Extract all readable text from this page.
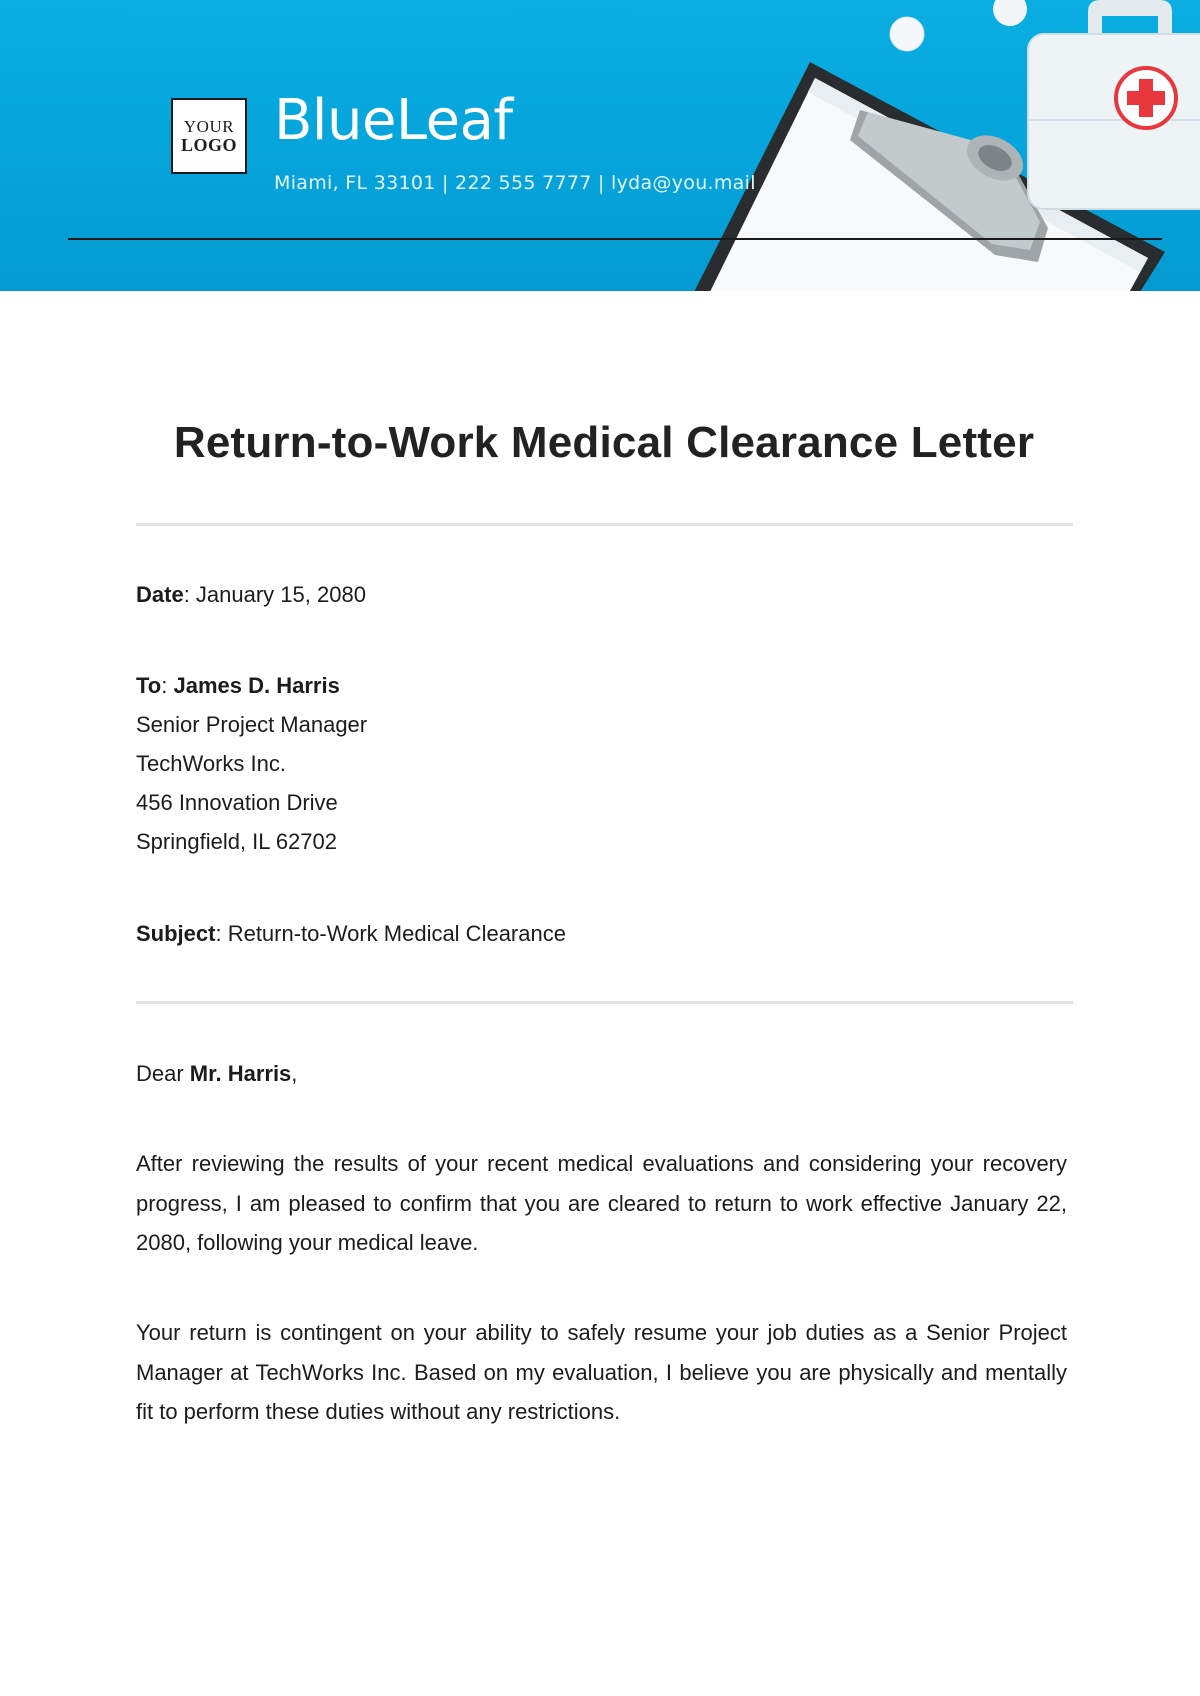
YOUR
LOGO BlueLeaf
Miami, FL 33101 | 222 555 7777 | lyda@you.mail
Return-to-Work Medical Clearance Letter
Date: January 15, 2080
To: James D. Harris
Senior Project Manager
TechWorks Inc.
456 Innovation Drive
Springfield, IL 62702
Subject: Return-to-Work Medical Clearance
Dear Mr. Harris,
After reviewing the results of your recent medical evaluations and considering your recovery progress, I am pleased to confirm that you are cleared to return to work effective January 22, 2080, following your medical leave.
Your return is contingent on your ability to safely resume your job duties as a Senior Project Manager at TechWorks Inc. Based on my evaluation, I believe you are physically and mentally fit to perform these duties without any restrictions.
